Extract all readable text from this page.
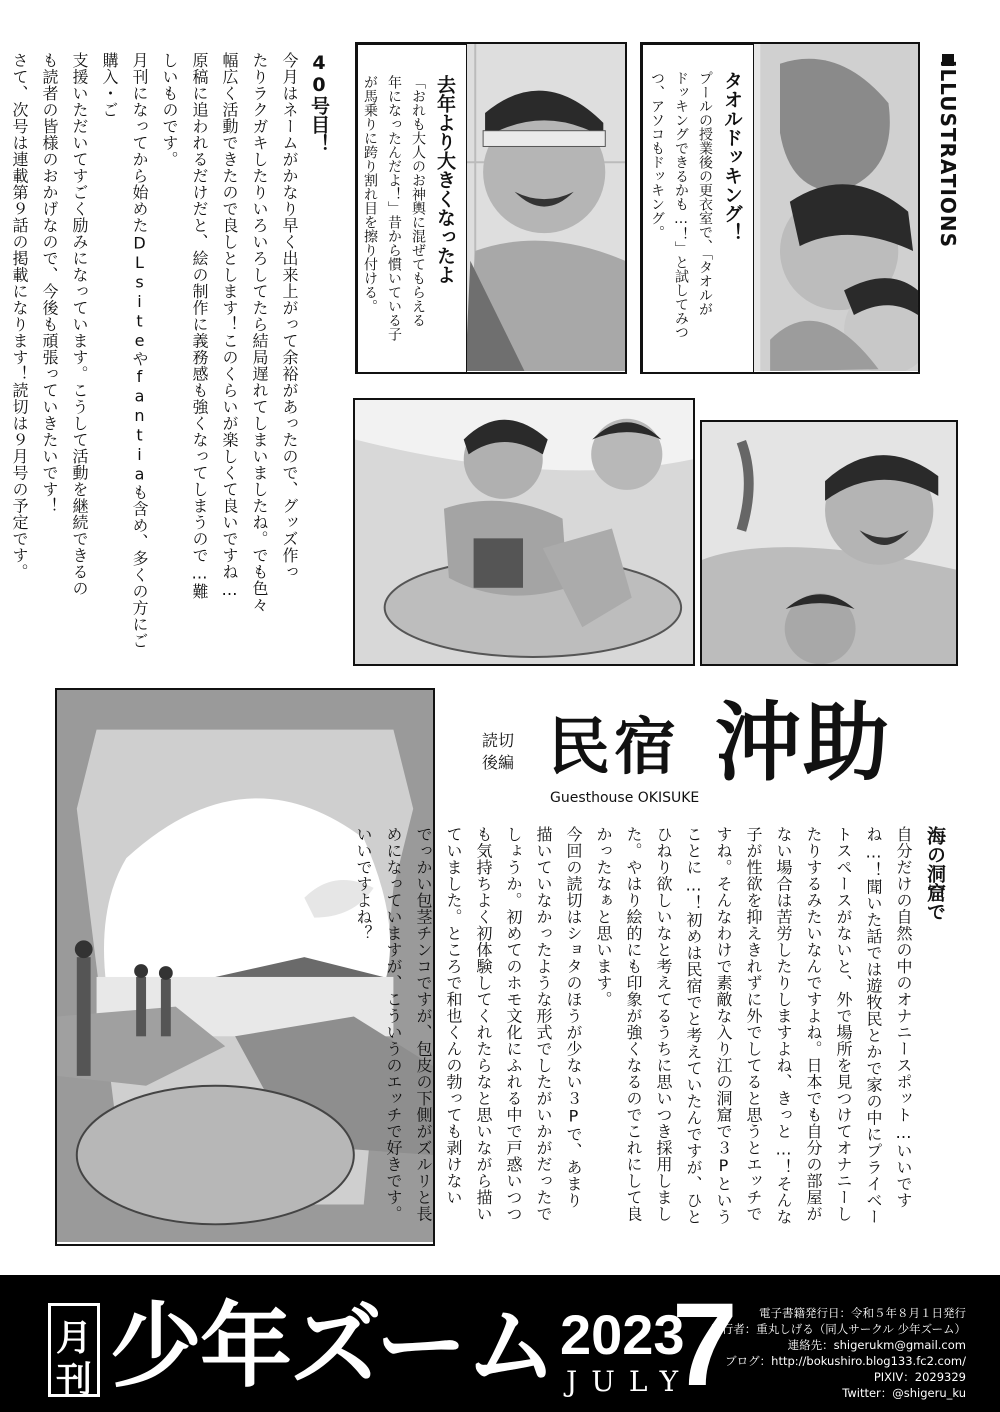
ILLUSTRATIONS
タオルドッキング！
プールの授業後の更衣室で、「タオルが
ドッキングできるかも…！」と試してみつ
つ、アソコもドッキング。
去年より大きくなったよ
「おれも大人のお神輿に混ぜてもらえる
年になったんだよ！」昔から慣いている子
が馬乗りに跨り割れ目を擦り付ける。
40号目！
今月はネームがかなり早く出来上がって余裕があったので、グッズ作っ
たりラクガキしたりいろいろしてたら結局遅れてしまいましたね。でも色々
幅広く活動できたので良しとします！このくらいが楽しくて良いですね…
原稿に追われるだけだと、絵の制作に義務感も強くなってしまうので…難
しいものです。
月刊になってから始めたDLsiteやfantiaも含め、多くの方にご購入・ご
支援いただいてすごく励みになっています。こうして活動を継続できるの
も読者の皆様のおかげなので、今後も頑張っていきたいです！
さて、次号は連載第９話の掲載になります！読切は９月号の予定です。

読切
後編 民宿 沖助
Guesthouse OKISUKE
海の洞窟で
自分だけの自然の中のオナニースポット…いいです
ね…！聞いた話では遊牧民とかで家の中にプライベー
トスペースがないと、外で場所を見つけてオナニーし
たりするみたいなんですよね。日本でも自分の部屋が
ない場合は苦労したりしますよね、きっと…！そんな
子が性欲を抑えきれずに外でしてると思うとエッチで
すね。そんなわけで素敵な入り江の洞窟で３Pという
ことに…！初めは民宿でと考えていたんですが、ひと
ひねり欲しいなと考えてるうちに思いつき採用しまし
た。やはり絵的にも印象が強くなるのでこれにして良
かったなぁと思います。
今回の読切はショタのほうが少ない３Pで、あまり
描いていなかったような形式でしたがいかがだったで
しょうか。初めてのホモ文化にふれる中で戸惑いつつ
も気持ちよく初体験してくれたらなと思いながら描い
ていました。ところで和也くんの勃っても剥けない
でっかい包茎チンコですが、包皮の下側がズルリと長
めになっていますが、こういうのエッチで好きです。
いいですよね？
月
刊 少年ズーム 2023
JULY
7	電子書籍発行日：令和５年８月１日発行
発行者：重丸しげる（同人サークル 少年ズーム）
連絡先：shigerukm@gmail.com
ブログ：http://bokushiro.blog133.fc2.com/
PIXIV：2029329
Twitter：@shigeru_ku
